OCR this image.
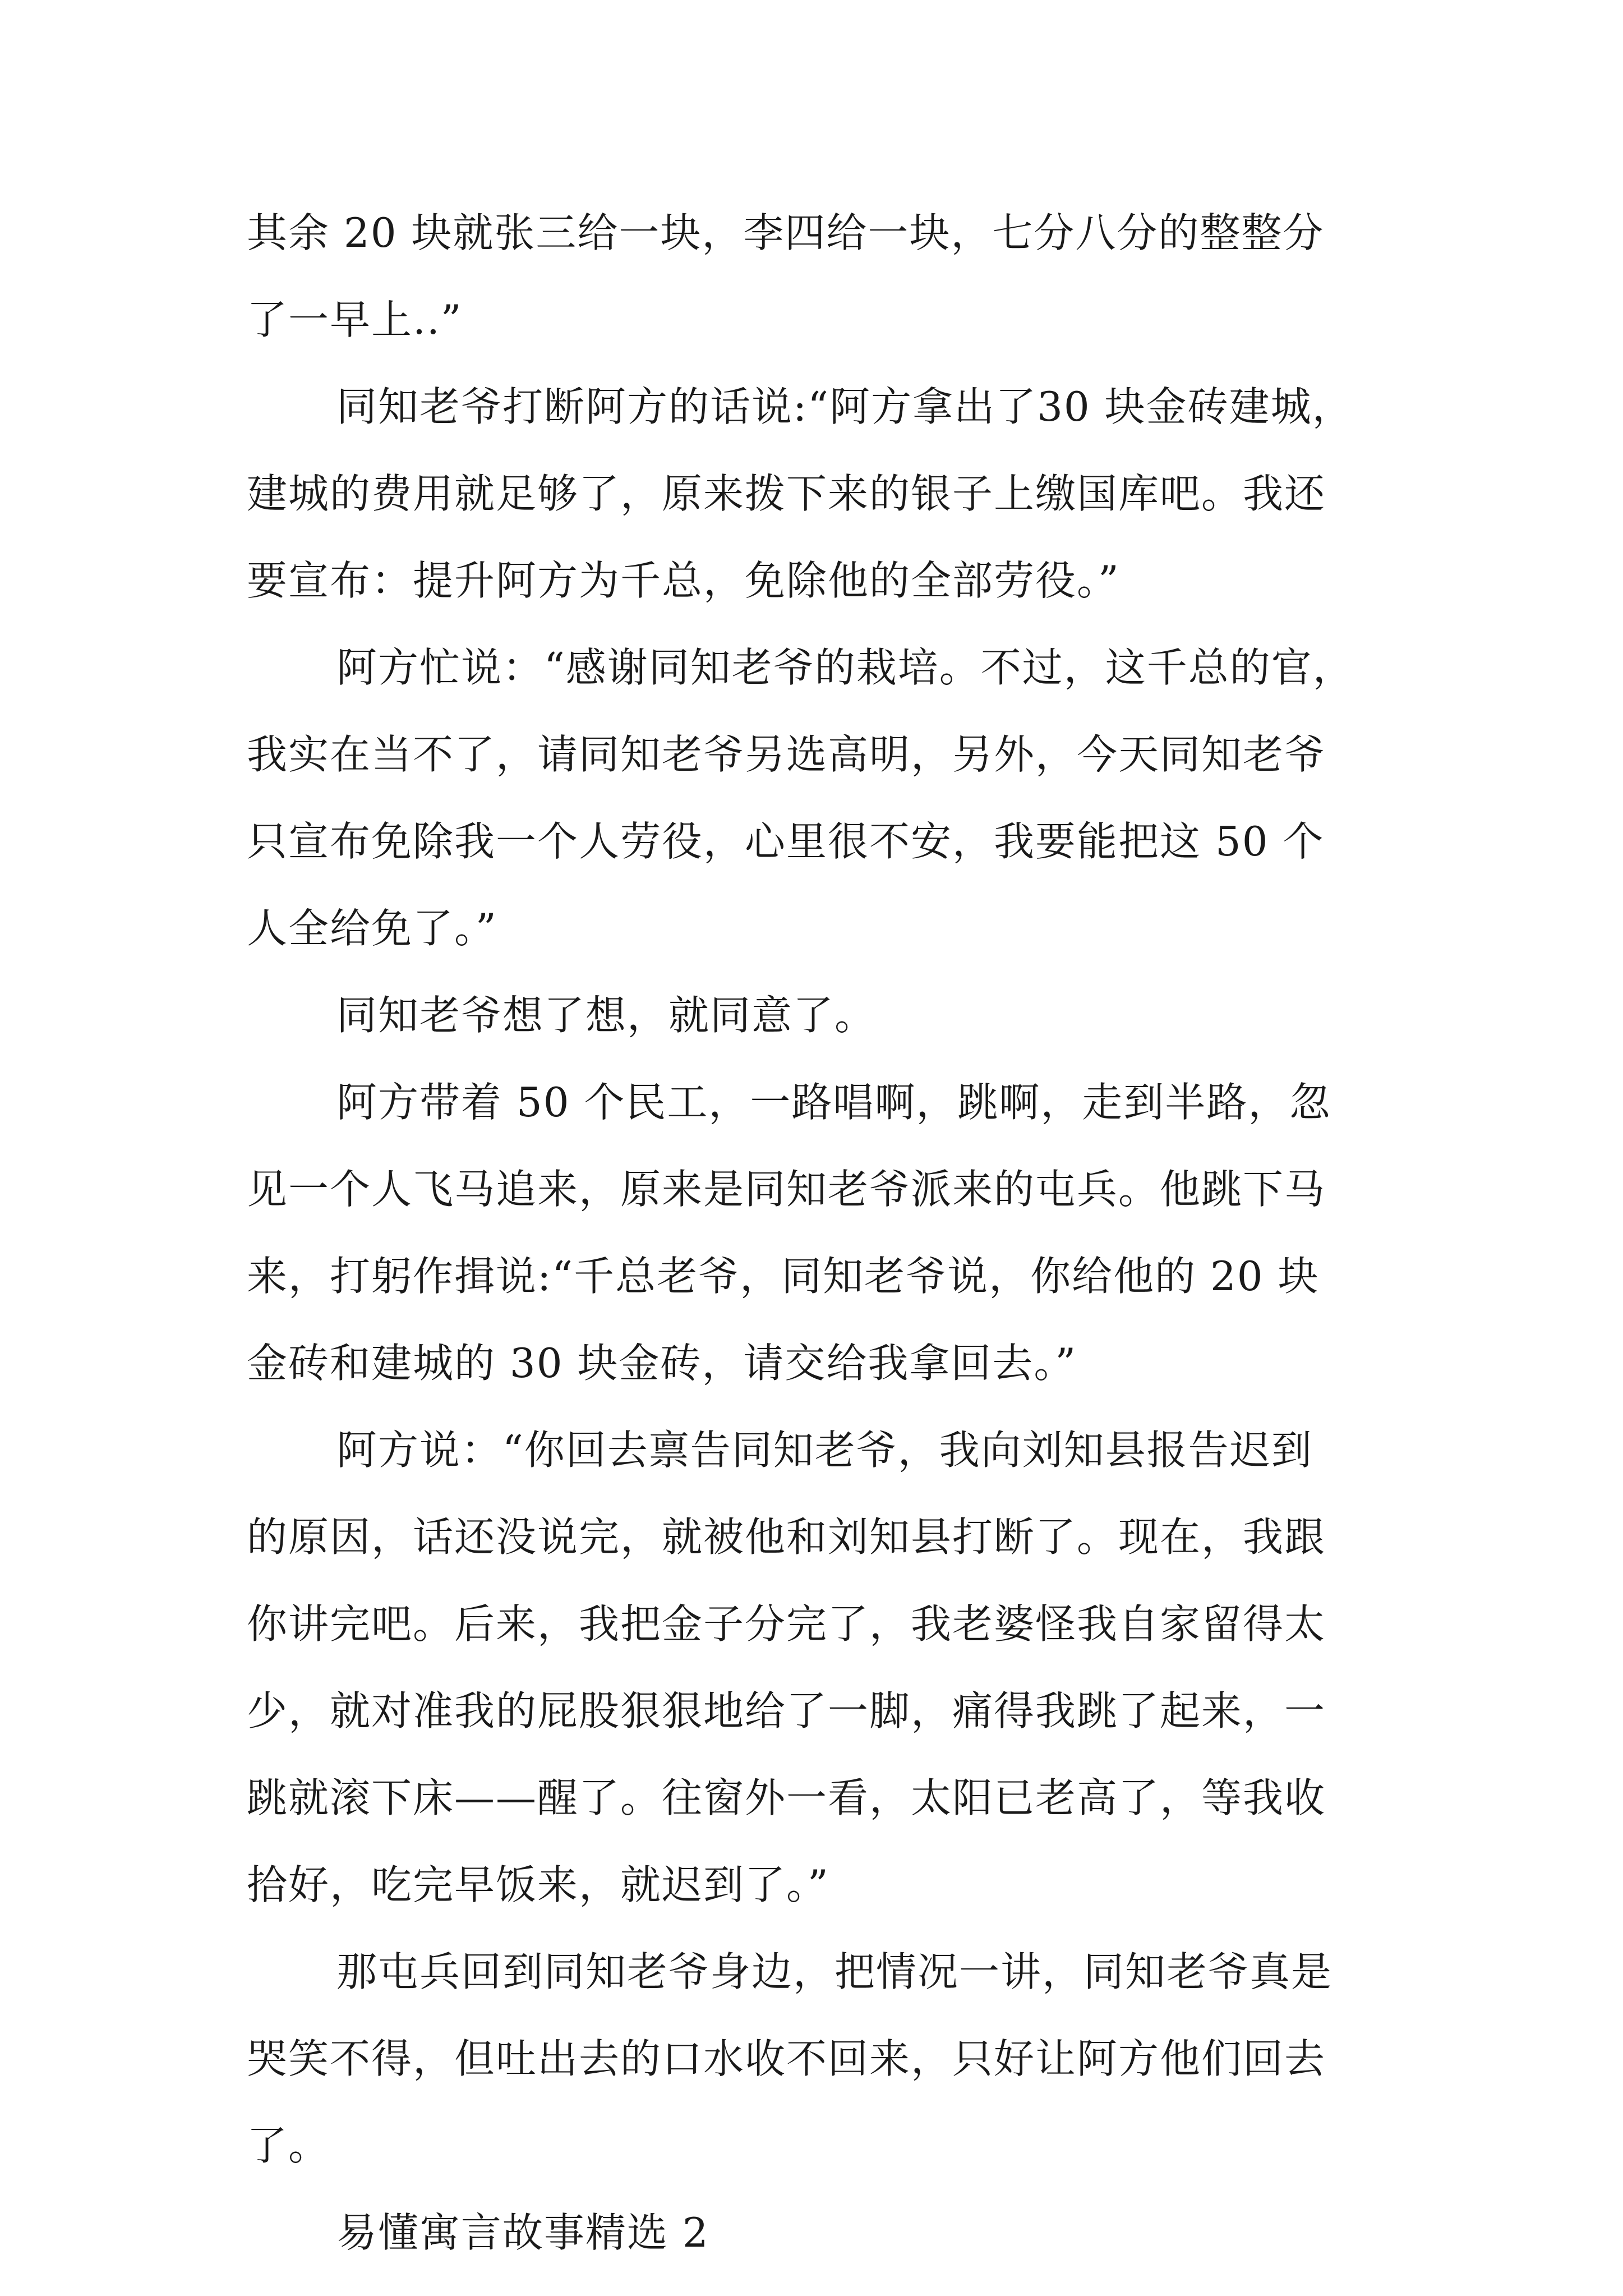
其余 20 块就张三给一块，李四给一块，七分八分的整整分
了一早上..”
同知老爷打断阿方的话说:“阿方拿出了30 块金砖建城，
建城的费用就足够了，原来拨下来的银子上缴国库吧。我还
要宣布：提升阿方为千总，免除他的全部劳役。”
阿方忙说：“感谢同知老爷的栽培。不过，这千总的官，
我实在当不了，请同知老爷另选高明，另外，今天同知老爷
只宣布免除我一个人劳役，心里很不安，我要能把这 50 个
人全给免了。”
同知老爷想了想，就同意了。
阿方带着 50 个民工，一路唱啊，跳啊，走到半路，忽
见一个人飞马追来，原来是同知老爷派来的屯兵。他跳下马
来，打躬作揖说:“千总老爷，同知老爷说，你给他的 20 块
金砖和建城的 30 块金砖，请交给我拿回去。”
阿方说：“你回去禀告同知老爷，我向刘知县报告迟到
的原因，话还没说完，就被他和刘知县打断了。现在，我跟
你讲完吧。后来，我把金子分完了，我老婆怪我自家留得太
少，就对准我的屁股狠狠地给了一脚，痛得我跳了起来，一
跳就滚下床——醒了。往窗外一看，太阳已老高了，等我收
拾好，吃完早饭来，就迟到了。”
那屯兵回到同知老爷身边，把情况一讲，同知老爷真是
哭笑不得，但吐出去的口水收不回来，只好让阿方他们回去
了。
易懂寓言故事精选 2
